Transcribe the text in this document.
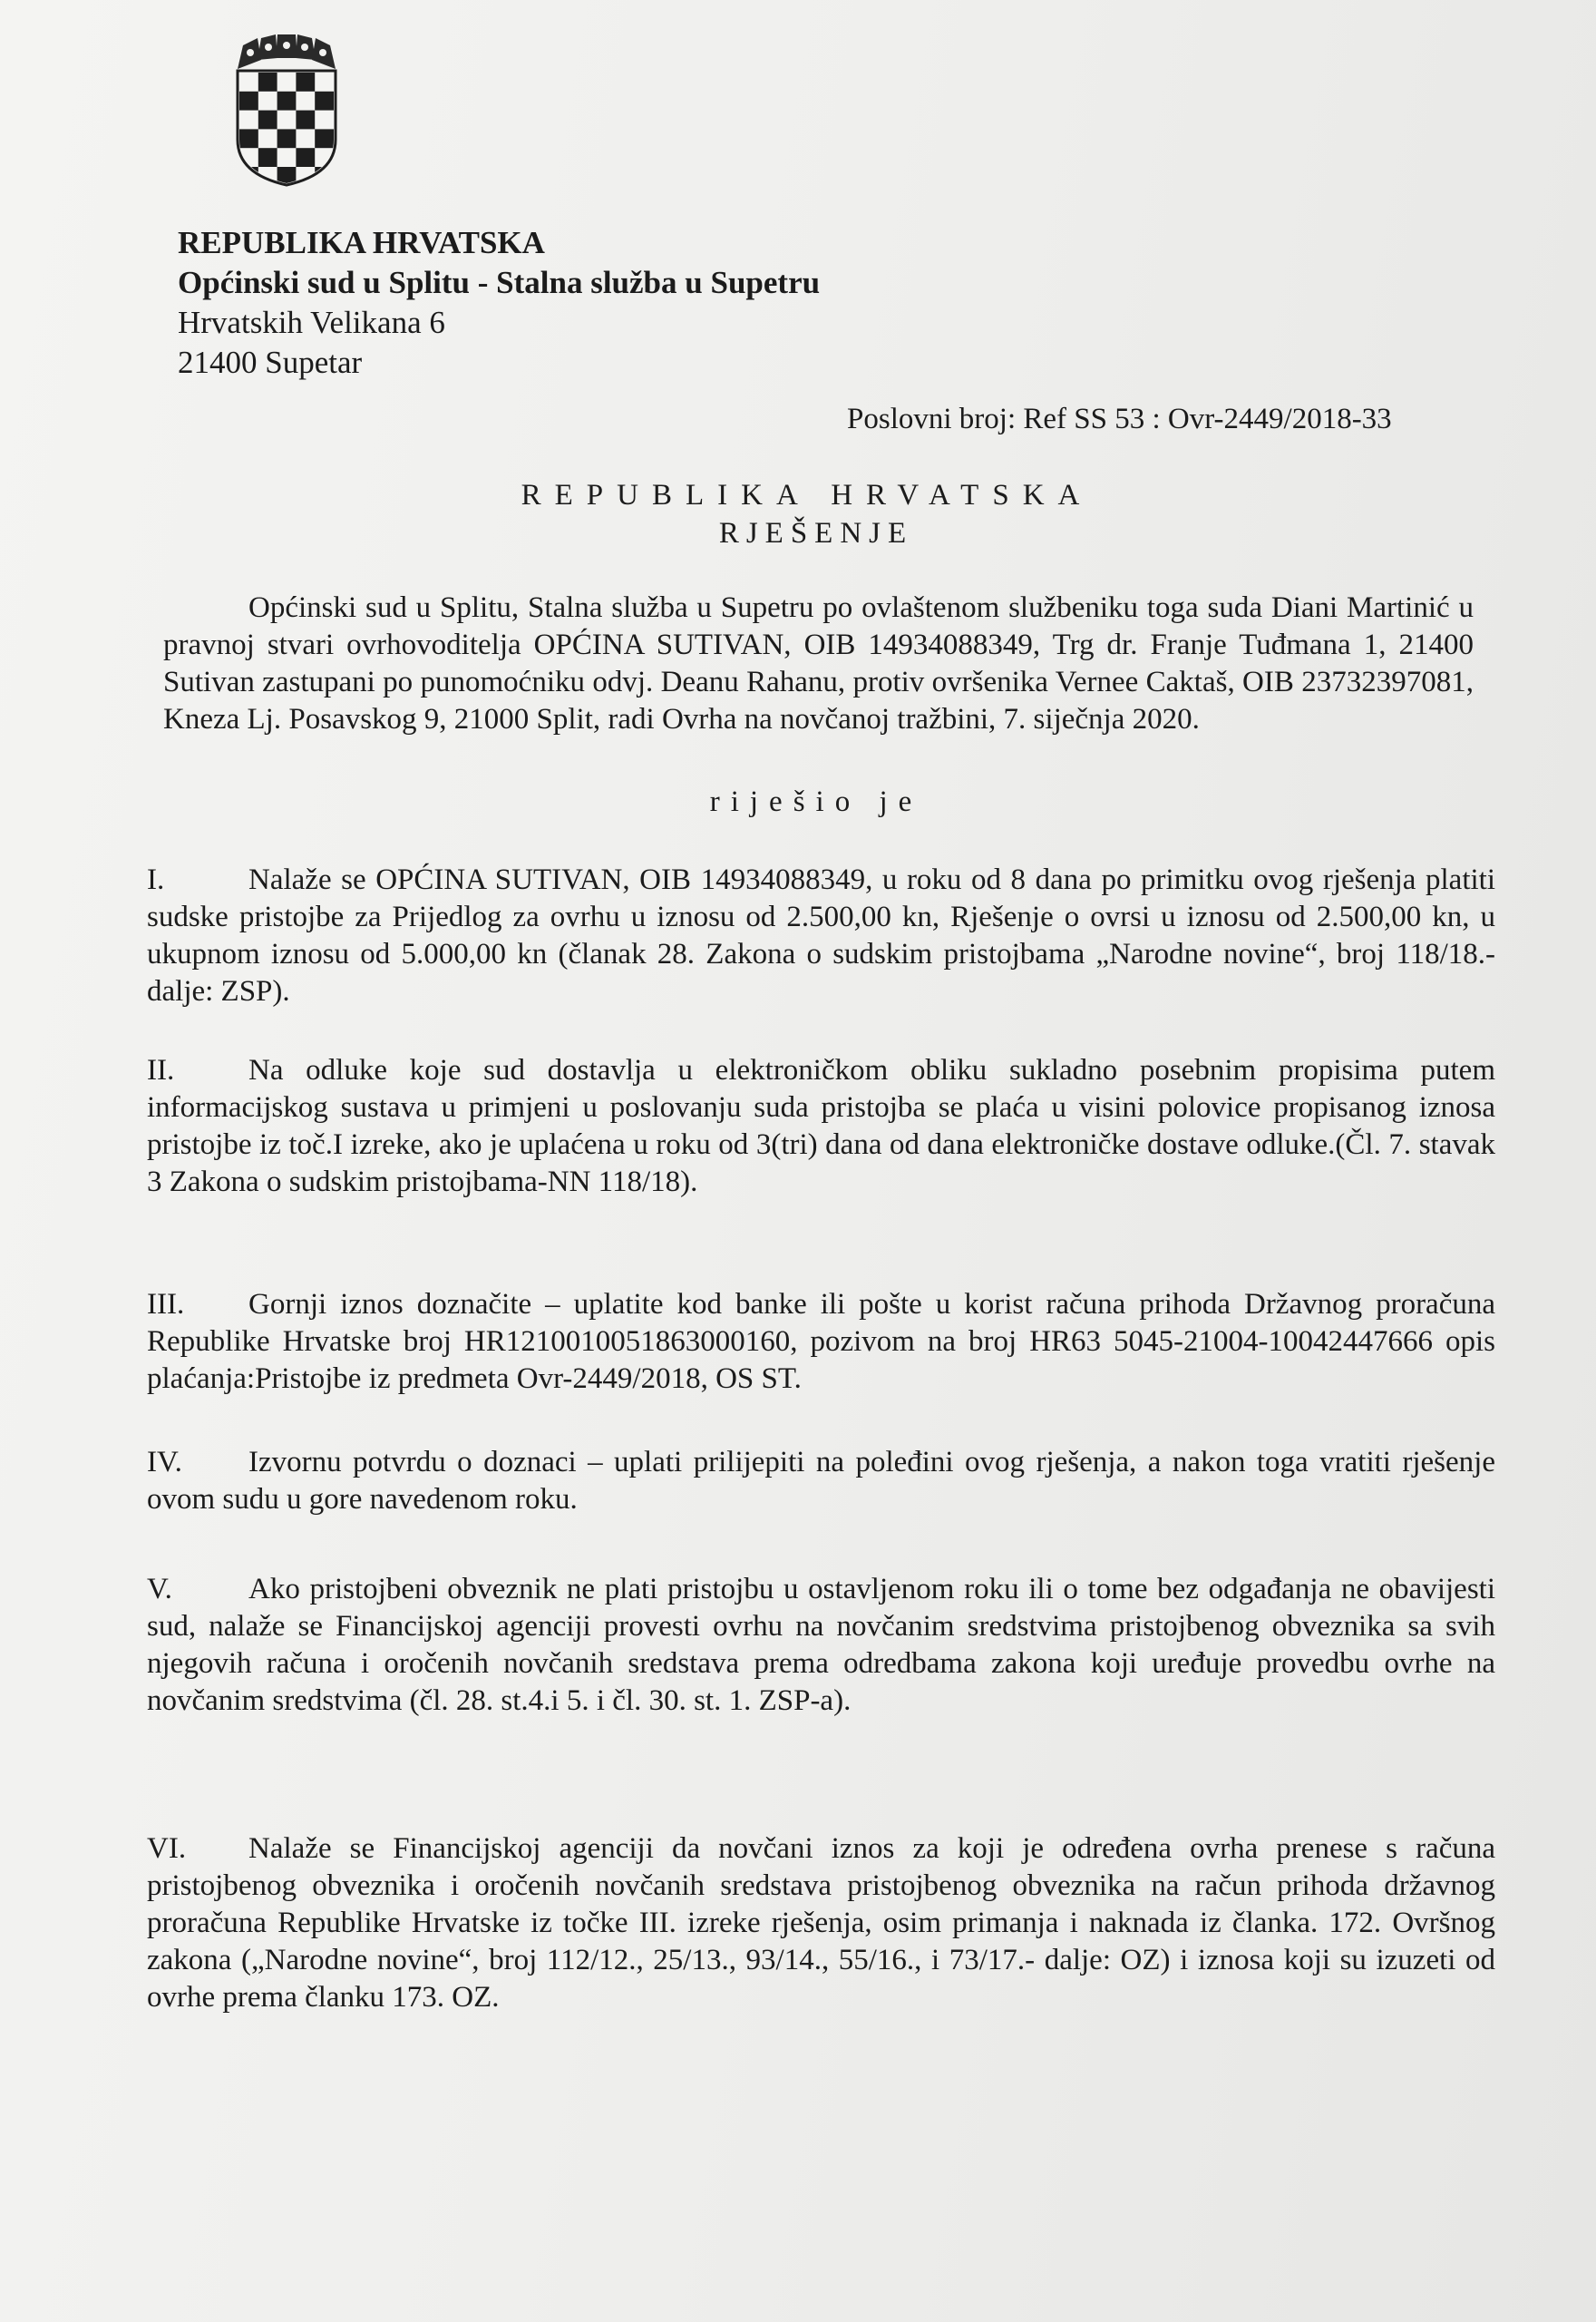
REPUBLIKA HRVATSKA
Općinski sud u Splitu - Stalna služba u Supetru
Hrvatskih Velikana 6
21400 Supetar
Poslovni broj: Ref SS 53 : Ovr-2449/2018-33
REPUBLIKA HRVATSKA
RJEŠENJE
Općinski sud u Splitu, Stalna služba u Supetru po ovlaštenom službeniku toga suda Diani Martinić u pravnoj stvari ovrhovoditelja OPĆINA SUTIVAN, OIB 14934088349, Trg dr. Franje Tuđmana 1, 21400 Sutivan zastupani po punomoćniku odvj. Deanu Rahanu, protiv ovršenika Vernee Caktaš, OIB 23732397081, Kneza Lj. Posavskog 9, 21000 Split, radi Ovrha na novčanoj tražbini, 7. siječnja 2020.
riješio je
I.	Nalaže se OPĆINA SUTIVAN, OIB 14934088349, u roku od 8 dana po primitku ovog rješenja platiti sudske pristojbe za Prijedlog za ovrhu u iznosu od 2.500,00 kn, Rješenje o ovrsi u iznosu od 2.500,00 kn, u ukupnom iznosu od 5.000,00 kn (članak 28. Zakona o sudskim pristojbama „Narodne novine“, broj 118/18.-dalje: ZSP).
II. Na odluke koje sud dostavlja u elektroničkom obliku sukladno posebnim propisima putem informacijskog sustava u primjeni u poslovanju suda pristojba se plaća u visini polovice propisanog iznosa pristojbe iz toč.I izreke, ako je uplaćena u roku od 3(tri) dana od dana elektroničke dostave odluke.(Čl. 7. stavak 3 Zakona o sudskim pristojbama-NN 118/18).
III. Gornji iznos doznačite – uplatite kod banke ili pošte u korist računa prihoda Državnog proračuna Republike Hrvatske broj HR1210010051863000160, pozivom na broj HR63 5045-21004-10042447666 opis plaćanja:Pristojbe iz predmeta Ovr-2449/2018, OS ST.
IV. Izvornu potvrdu o doznaci – uplati prilijepiti na poleđini ovog rješenja, a nakon toga vratiti rješenje ovom sudu u gore navedenom roku.
V.	Ako pristojbeni obveznik ne plati pristojbu u ostavljenom roku ili o tome bez odgađanja ne obavijesti sud, nalaže se Financijskoj agenciji provesti ovrhu na novčanim sredstvima pristojbenog obveznika sa svih njegovih računa i oročenih novčanih sredstava prema odredbama zakona koji uređuje provedbu ovrhe na novčanim sredstvima (čl. 28. st.4.i 5. i čl. 30. st. 1. ZSP-a).
VI. Nalaže se Financijskoj agenciji da novčani iznos za koji je određena ovrha prenese s računa pristojbenog obveznika i oročenih novčanih sredstava pristojbenog obveznika na račun prihoda državnog proračuna Republike Hrvatske iz točke III. izreke rješenja, osim primanja i naknada iz članka. 172. Ovršnog zakona („Narodne novine“, broj 112/12., 25/13., 93/14., 55/16., i 73/17.- dalje: OZ) i iznosa koji su izuzeti od ovrhe prema članku 173. OZ.
